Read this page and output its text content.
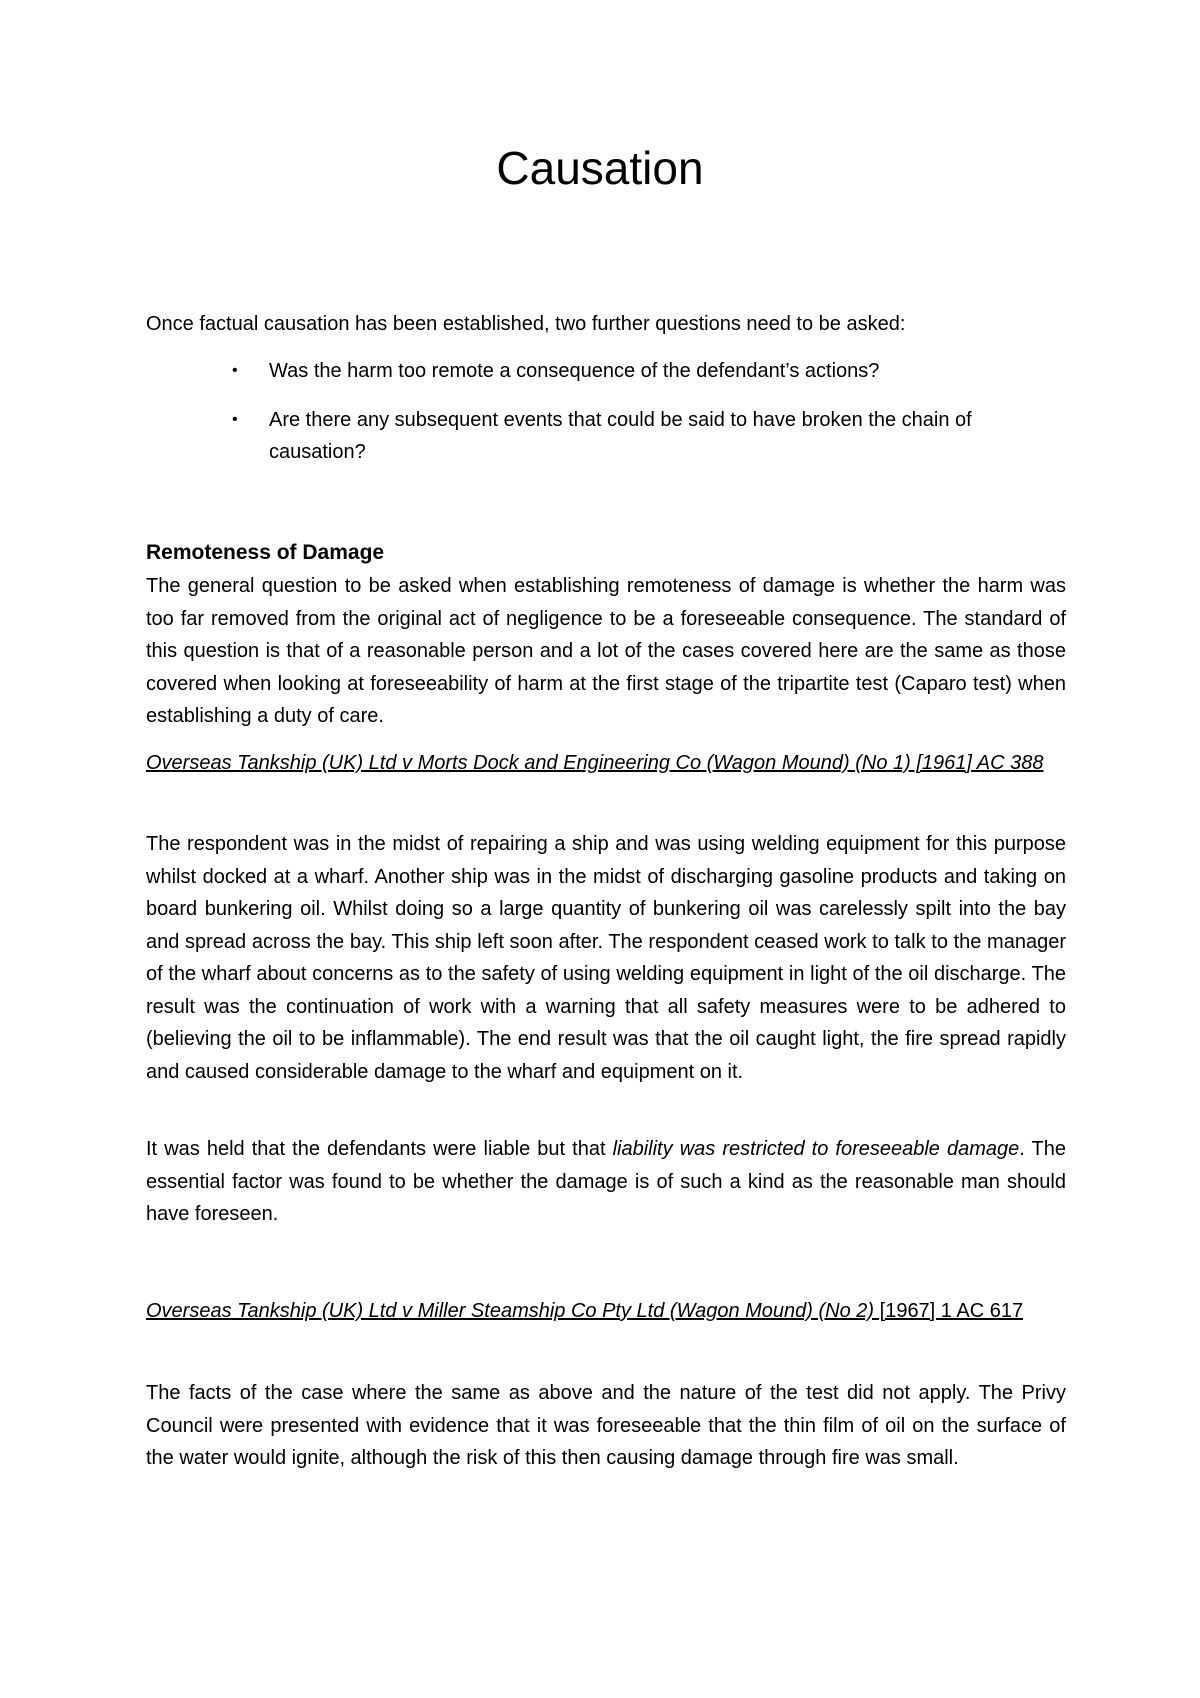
Causation

Once factual causation has been established, two further questions need to be asked:

• Was the harm too remote a consequence of the defendant’s actions?
• Are there any subsequent events that could be said to have broken the chain of causation?
Remoteness of Damage

The general question to be asked when establishing remoteness of damage is whether the harm was too far removed from the original act of negligence to be a foreseeable consequence. The standard of this question is that of a reasonable person and a lot of the cases covered here are the same as those covered when looking at foreseeability of harm at the first stage of the tripartite test (Caparo test) when establishing a duty of care.

Overseas Tankship (UK) Ltd v Morts Dock and Engineering Co (Wagon Mound) (No 1) [1961] AC 388

The respondent was in the midst of repairing a ship and was using welding equipment for this purpose whilst docked at a wharf. Another ship was in the midst of discharging gasoline products and taking on board bunkering oil. Whilst doing so a large quantity of bunkering oil was carelessly spilt into the bay and spread across the bay. This ship left soon after. The respondent ceased work to talk to the manager of the wharf about concerns as to the safety of using welding equipment in light of the oil discharge. The result was the continuation of work with a warning that all safety measures were to be adhered to (believing the oil to be inflammable). The end result was that the oil caught light, the fire spread rapidly and caused considerable damage to the wharf and equipment on it.

It was held that the defendants were liable but that liability was restricted to foreseeable damage. The essential factor was found to be whether the damage is of such a kind as the reasonable man should have foreseen.

Overseas Tankship (UK) Ltd v Miller Steamship Co Pty Ltd (Wagon Mound) (No 2) [1967] 1 AC 617

The facts of the case where the same as above and the nature of the test did not apply. The Privy Council were presented with evidence that it was foreseeable that the thin film of oil on the surface of the water would ignite, although the risk of this then causing damage through fire was small.
